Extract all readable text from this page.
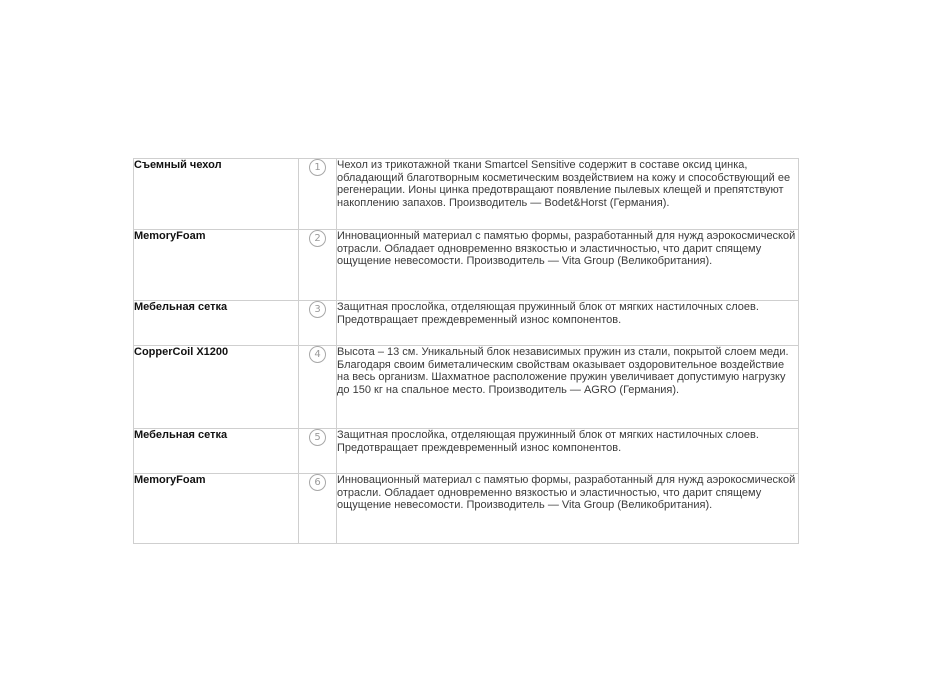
Съемный чехол	1	Чехол из трикотажной ткани Smartcel Sensitive содержит в составе оксид цинка, обладающий благотворным косметическим воздействием на кожу и способствующий ее регенерации. Ионы цинка предотвращают появление пылевых клещей и препятствуют накоплению запахов. Производитель — Bodet&Horst (Германия).
MemoryFoam	2	Инновационный материал с памятью формы, разработанный для нужд аэрокосмической отрасли. Обладает одновременно вязкостью и эластичностью, что дарит спящему ощущение невесомости. Производитель — Vita Group (Великобритания).
Мебельная сетка	3	Защитная прослойка, отделяющая пружинный блок от мягких настилочных слоев. Предотвращает преждевременный износ компонентов.
CopperCoil X1200	4	Высота – 13 см. Уникальный блок независимых пружин из стали, покрытой слоем меди. Благодаря своим биметалическим свойствам оказывает оздоровительное воздействие на весь организм. Шахматное расположение пружин увеличивает допустимую нагрузку до 150 кг на спальное место. Производитель — AGRO (Германия).
Мебельная сетка	5	Защитная прослойка, отделяющая пружинный блок от мягких настилочных слоев. Предотвращает преждевременный износ компонентов.
MemoryFoam	6	Инновационный материал с памятью формы, разработанный для нужд аэрокосмической отрасли. Обладает одновременно вязкостью и эластичностью, что дарит спящему ощущение невесомости. Производитель — Vita Group (Великобритания).
